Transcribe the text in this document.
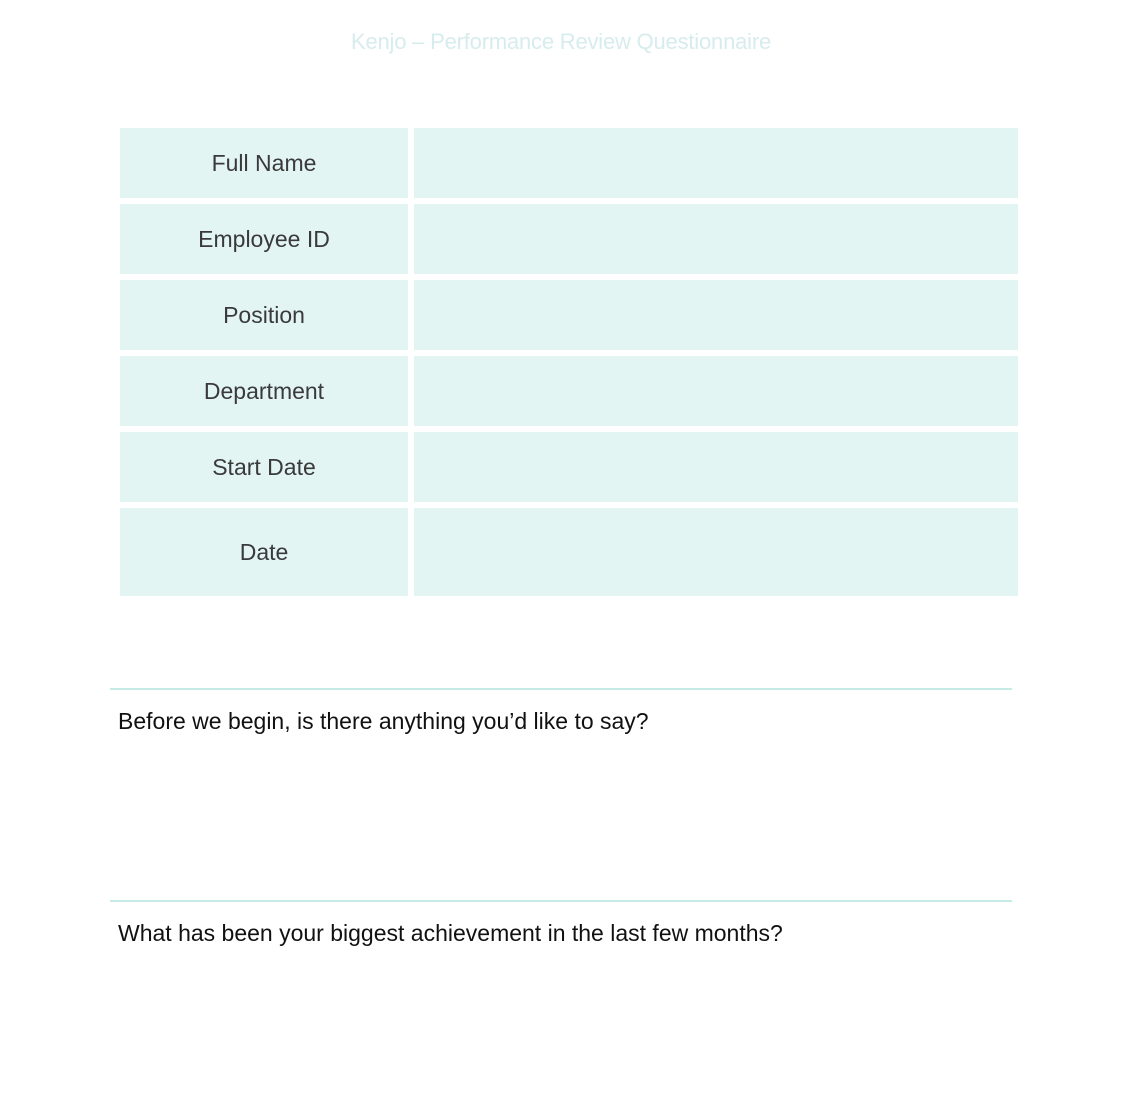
Kenjo – Performance Review Questionnaire
Full Name
Employee ID
Position
Department
Start Date
Date
Before we begin, is there anything you’d like to say?
What has been your biggest achievement in the last few months?
